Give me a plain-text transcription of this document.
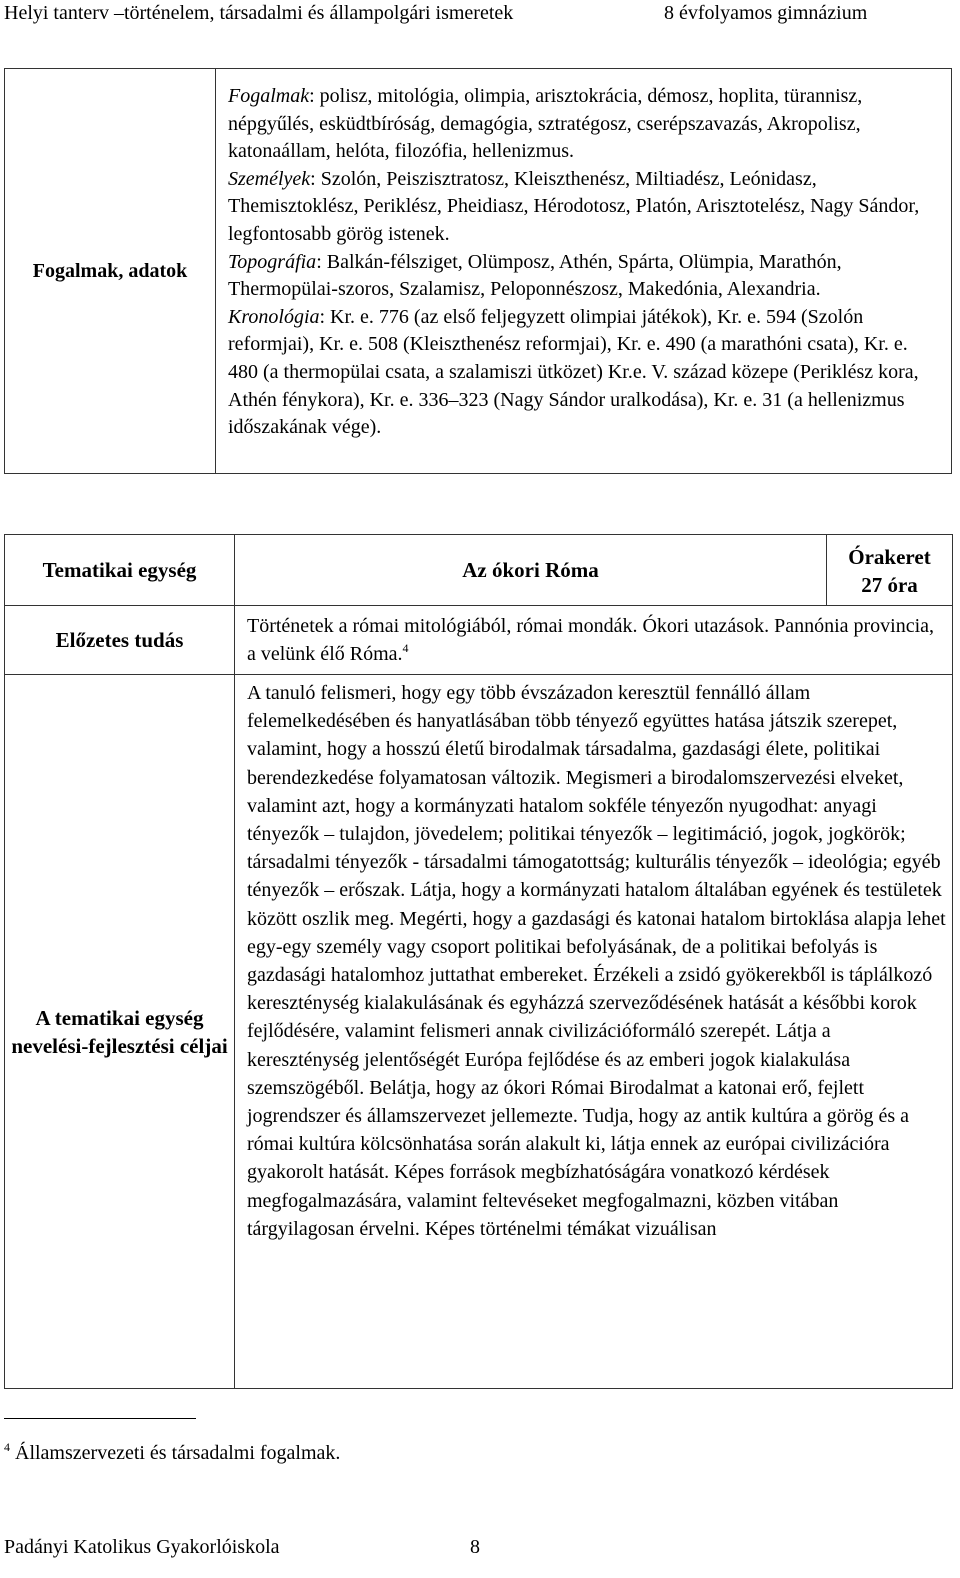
Helyi tanterv –történelem, társadalmi és állampolgári ismeretek	8 évfolyamos gimnázium
Fogalmak, adatok	Fogalmak: polisz, mitológia, olimpia, arisztokrácia, démosz, hoplita, türannisz, népgyűlés, esküdtbíróság, demagógia, sztratégosz, cserépszavazás, Akropolisz, katonaállam, helóta, filozófia, hellenizmus.
Személyek: Szolón, Peiszisztratosz, Kleiszthenész, Miltiadész, Leónidasz, Themisztoklész, Periklész, Pheidiasz, Hérodotosz, Platón, Arisztotelész, Nagy Sándor, legfontosabb görög istenek.
Topográfia: Balkán-félsziget, Olümposz, Athén, Spárta, Olümpia, Marathón, Thermopülai-szoros, Szalamisz, Peloponnészosz, Makedónia, Alexandria.
Kronológia: Kr. e. 776 (az első feljegyzett olimpiai játékok), Kr. e. 594 (Szolón reformjai), Kr. e. 508 (Kleiszthenész reformjai), Kr. e. 490 (a marathóni csata), Kr. e. 480 (a thermopülai csata, a szalamiszi ütközet) Kr.e. V. század közepe (Periklész kora, Athén fénykora), Kr. e. 336–323 (Nagy Sándor uralkodása), Kr. e. 31 (a hellenizmus időszakának vége).
Tematikai egység	Az ókori Róma	Órakeret
27 óra

Előzetes tudás	Történetek a római mitológiából, római mondák. Ókori utazások. Pannónia provincia, a velünk élő Róma.$^4$
A tematikai egység nevelési-fejlesztési céljai	A tanuló felismeri, hogy egy több évszázadon keresztül fennálló állam felemelkedésében és hanyatlásában több tényező együttes hatása játszik szerepet, valamint, hogy a hosszú életű birodalmak társadalma, gazdasági élete, politikai berendezkedése folyamatosan változik. Megismeri a birodalomszervezési elveket, valamint azt, hogy a kormányzati hatalom sokféle tényezőn nyugodhat: anyagi tényezők – tulajdon, jövedelem; politikai tényezők – legitimáció, jogok, jogkörök; társadalmi tényezők - társadalmi támogatottság; kulturális tényezők – ideológia; egyéb tényezők – erőszak. Látja, hogy a kormányzati hatalom általában egyének és testületek között oszlik meg. Megérti, hogy a gazdasági és katonai hatalom birtoklása alapja lehet egy-egy személy vagy csoport politikai befolyásának, de a politikai befolyás is gazdasági hatalomhoz juttathat embereket. Érzékeli a zsidó gyökerekből is táplálkozó kereszténység kialakulásának és egyházzá szerveződésének hatását a későbbi korok fejlődésére, valamint felismeri annak civilizációformáló szerepét. Látja a kereszténység jelentőségét Európa fejlődése és az emberi jogok kialakulása szemszögéből. Belátja, hogy az ókori Római Birodalmat a katonai erő, fejlett jogrendszer és államszervezet jellemezte. Tudja, hogy az antik kultúra a görög és a római kultúra kölcsönhatása során alakult ki, látja ennek az európai civilizációra gyakorolt hatását. Képes források megbízhatóságára vonatkozó kérdések megfogalmazására, valamint feltevéseket megfogalmazni, közben vitában tárgyilagosan érvelni. Képes történelmi témákat vizuálisan	
$^4$ Államszervezeti és társadalmi fogalmak.
Padányi Katolikus Gyakorlóiskola	8
